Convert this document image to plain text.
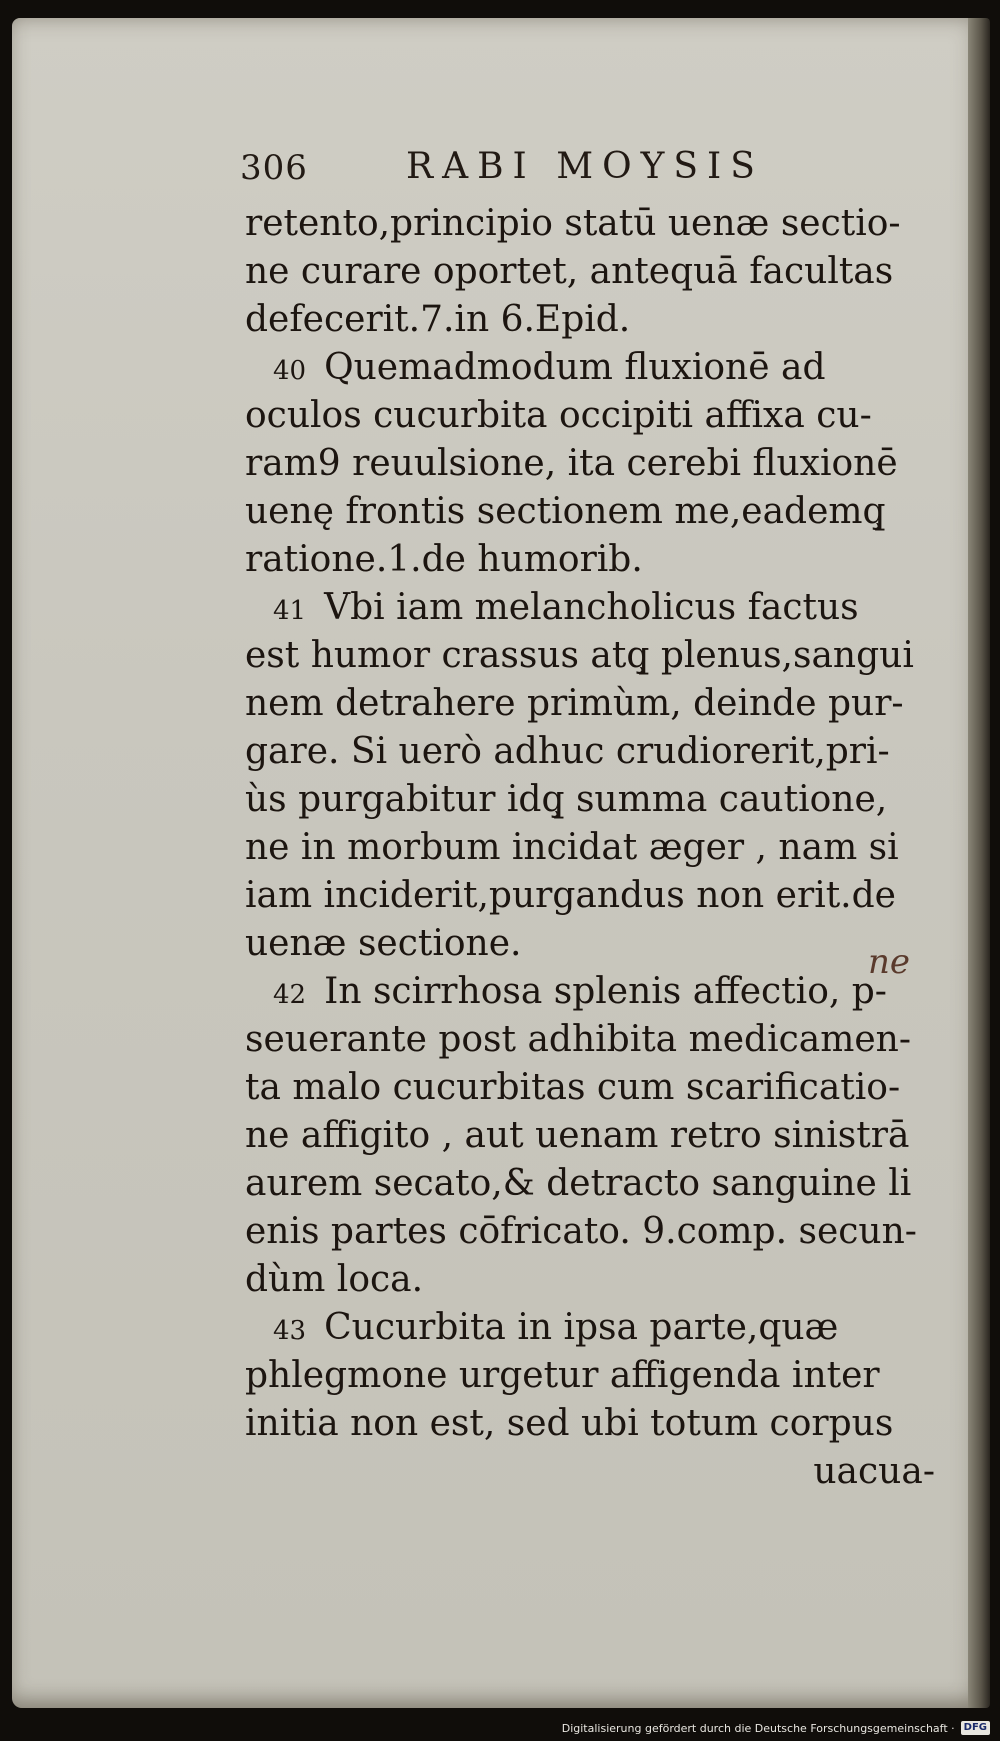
306	RABI MOYSIS
retento,principio statū uenæ sectio-
ne curare oportet, antequā facultas
defecerit.7.in 6.Epid.
40 Quemadmodum fluxionē ad
oculos cucurbita occipiti affixa cu-
ram9 reuulsione, ita cerebi fluxionē
uenę frontis sectionem me,eademq̧
ratione.1.de humorib.
41 Vbi iam melancholicus factus
est humor crassus atq̧ plenus,sangui
nem detrahere primùm, deinde pur-
gare. Si uerò adhuc crudiorerit,pri-
ùs purgabitur idq̧ summa cautione,
ne in morbum incidat æger , nam si
iam inciderit,purgandus non erit.de
uenæ sectione.
42 In scirrhosa splenis affectio, p-
seuerante post adhibita medicamen-
ta malo cucurbitas cum scarificatio-
ne affigito , aut uenam retro sinistrā
aurem secato,& detracto sanguine li
enis partes cōfricato. 9.comp. secun-
dùm loca.
43 Cucurbita in ipsa parte,quæ
phlegmone urgetur affigenda inter
initia non est, sed ubi totum corpus
uacua-
ne
Digitalisierung gefördert durch die Deutsche Forschungsgemeinschaft · DFG
